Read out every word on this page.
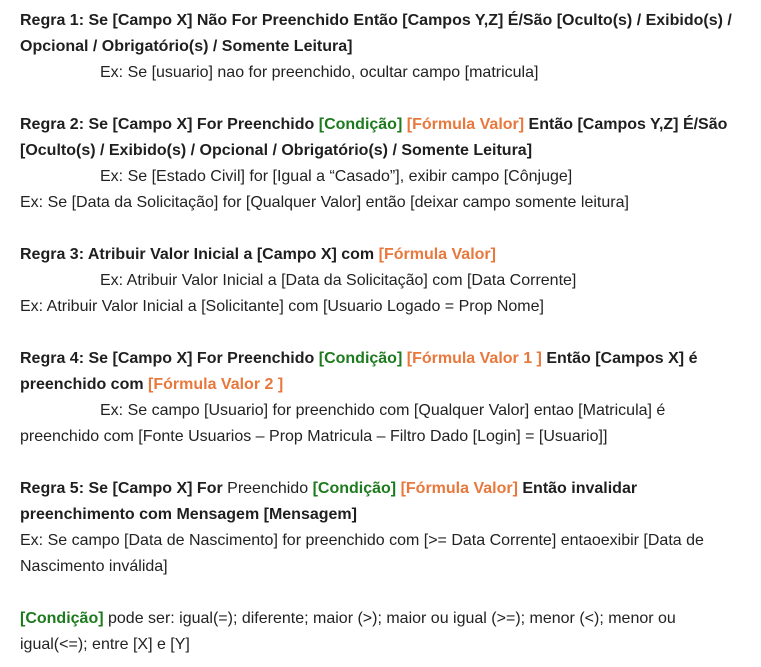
Regra 1: Se [Campo X] Não For Preenchido Então [Campos Y,Z] É/São [Oculto(s) / Exibido(s) / Opcional / Obrigatório(s) / Somente Leitura]

Ex: Se [usuario] nao for preenchido, ocultar campo [matricula]

Regra 2: Se [Campo X] For Preenchido [Condição] [Fórmula Valor] Então [Campos Y,Z] É/São [Oculto(s) / Exibido(s) / Opcional / Obrigatório(s) / Somente Leitura]

Ex: Se [Estado Civil] for [Igual a “Casado”], exibir campo [Cônjuge]

Ex: Se [Data da Solicitação] for [Qualquer Valor] então [deixar campo somente leitura]

Regra 3: Atribuir Valor Inicial a [Campo X] com [Fórmula Valor]

Ex: Atribuir Valor Inicial a [Data da Solicitação] com [Data Corrente]

Ex: Atribuir Valor Inicial a [Solicitante] com [Usuario Logado = Prop Nome]

Regra 4: Se [Campo X] For Preenchido [Condição] [Fórmula Valor 1 ] Então [Campos X] é preenchido com [Fórmula Valor 2 ]

Ex: Se campo [Usuario] for preenchido com [Qualquer Valor] entao [Matricula] é preenchido com [Fonte Usuarios – Prop Matricula – Filtro Dado [Login] = [Usuario]]

Regra 5: Se [Campo X] For Preenchido [Condição] [Fórmula Valor] Então invalidar preenchimento com Mensagem [Mensagem]

Ex: Se campo [Data de Nascimento] for preenchido com [>= Data Corrente] entaoexibir [Data de Nascimento inválida]

[Condição] pode ser: igual(=); diferente; maior (>); maior ou igual (>=); menor (<); menor ou igual(<=); entre [X] e [Y]
